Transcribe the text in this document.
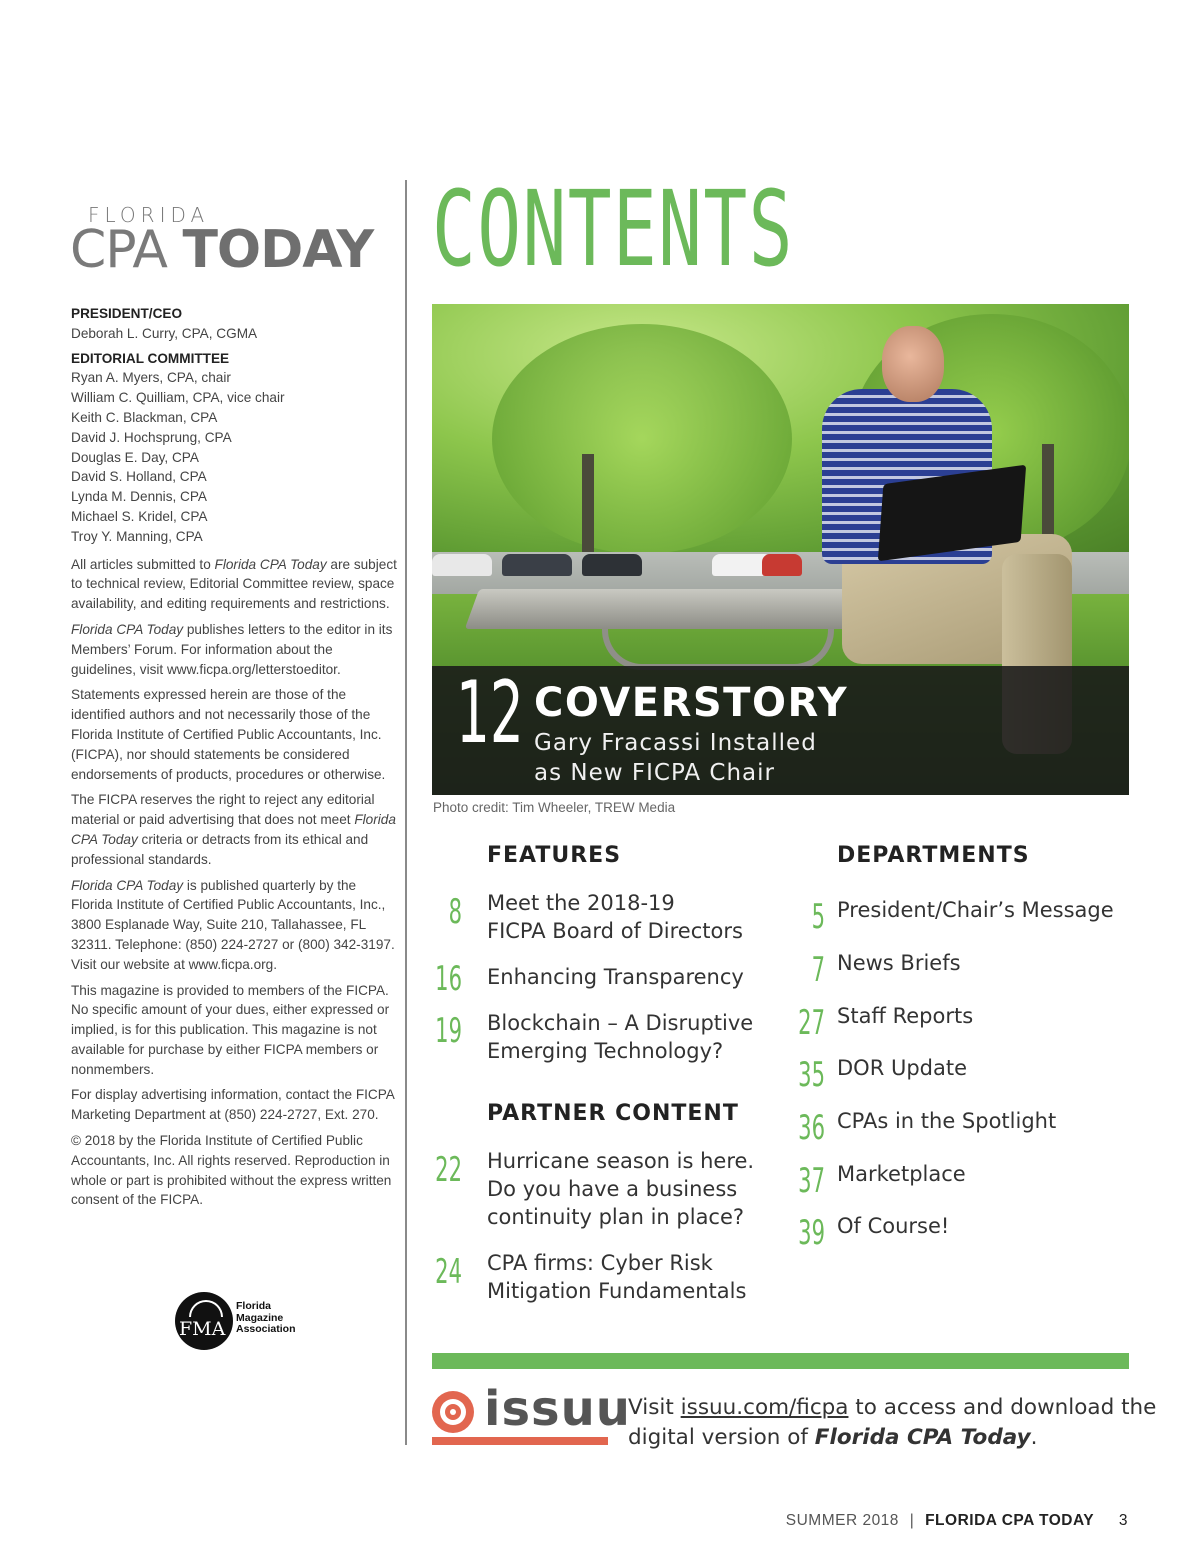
FLORIDA
CPA TODAY CONTENTS
PRESIDENT/CEO
Deborah L. Curry, CPA, CGMA
EDITORIAL COMMITTEE
Ryan A. Myers, CPA, chair
William C. Quilliam, CPA, vice chair
Keith C. Blackman, CPA
David J. Hochsprung, CPA
Douglas E. Day, CPA
David S. Holland, CPA
Lynda M. Dennis, CPA
Michael S. Kridel, CPA
Troy Y. Manning, CPA

All articles submitted to Florida CPA Today are subject to technical review, Editorial Committee review, space availability, and editing requirements and restrictions.

Florida CPA Today publishes letters to the editor in its Members’ Forum. For information about the guidelines, visit www.ficpa.org/letterstoeditor.

Statements expressed herein are those of the identified authors and not necessarily those of the Florida Institute of Certified Public Accountants, Inc. (FICPA), nor should statements be considered endorsements of products, procedures or otherwise.

The FICPA reserves the right to reject any editorial material or paid advertising that does not meet Florida CPA Today criteria or detracts from its ethical and professional standards.

Florida CPA Today is published quarterly by the Florida Institute of Certified Public Accountants, Inc., 3800 Esplanade Way, Suite 210, Tallahassee, FL 32311. Telephone: (850) 224-2727 or (800) 342-3197. Visit our website at www.ficpa.org.

This magazine is provided to members of the FICPA. No specific amount of your dues, either expressed or implied, is for this publication. This magazine is not available for purchase by either FICPA members or nonmembers.

For display advertising information, contact the FICPA Marketing Department at (850) 224-2727, Ext. 270.

© 2018 by the Florida Institute of Certified Public Accountants, Inc. All rights reserved. Reproduction in whole or part is prohibited without the express written consent of the FICPA.

FMA
Florida
Magazine
Association
12 COVERSTORY
Gary Fracassi Installed
as New FICPA Chair
Photo credit: Tim Wheeler, TREW Media
FEATURES
8 Meet the 2018-19
FICPA Board of Directors
16 Enhancing Transparency
19 Blockchain – A Disruptive
Emerging Technology?
PARTNER CONTENT
22 Hurricane season is here.
Do you have a business
continuity plan in place?
24 CPA firms: Cyber Risk
Mitigation Fundamentals
DEPARTMENTS
5 President/Chair’s Message
7 News Briefs
27 Staff Reports
35 DOR Update
36 CPAs in the Spotlight
37 Marketplace
39 Of Course!
issuu
Visit issuu.com/ficpa to access and download the digital version of Florida CPA Today.
SUMMER 2018 | FLORIDA CPA TODAY 3
